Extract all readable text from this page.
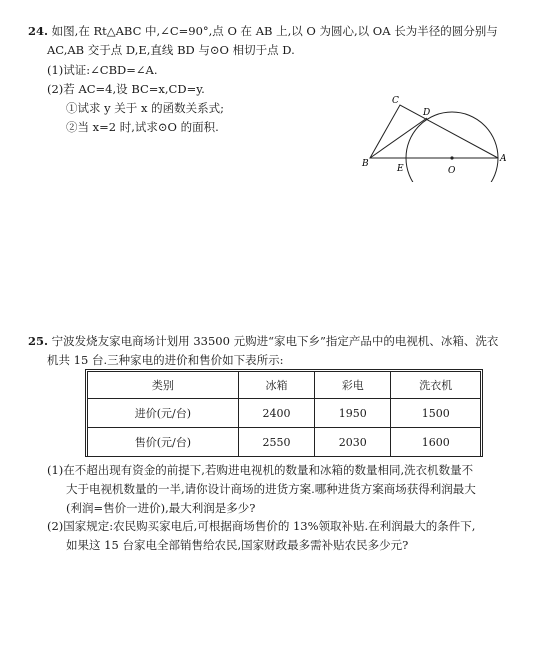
24. 如图,在 Rt△ABC 中,∠C=90°,点 O 在 AB 上,以 O 为圆心,以 OA 长为半径的圆分别与
AC,AB 交于点 D,E,直线 BD 与⊙O 相切于点 D.
(1)试证:∠CBD=∠A.
(2)若 AC=4,设 BC=x,CD=y.
①试求 y 关于 x 的函数关系式;
②当 x=2 时,试求⊙O 的面积.
C
D
B	E	O
A
25. 宁波发烧友家电商场计划用 33500 元购进“家电下乡”指定产品中的电视机、冰箱、洗衣
机共 15 台.三种家电的进价和售价如下表所示:
类别	冰箱	彩电	洗衣机
进价(元/台)	2400	1950	1500
售价(元/台)	2550	2030	1600
(1)在不超出现有资金的前提下,若购进电视机的数量和冰箱的数量相同,洗衣机数量不
大于电视机数量的一半,请你设计商场的进货方案.哪种进货方案商场获得利润最大
(利润=售价一进价),最大利润是多少?
(2)国家规定:农民购买家电后,可根据商场售价的 13%领取补贴.在利润最大的条件下,
如果这 15 台家电全部销售给农民,国家财政最多需补贴农民多少元?
